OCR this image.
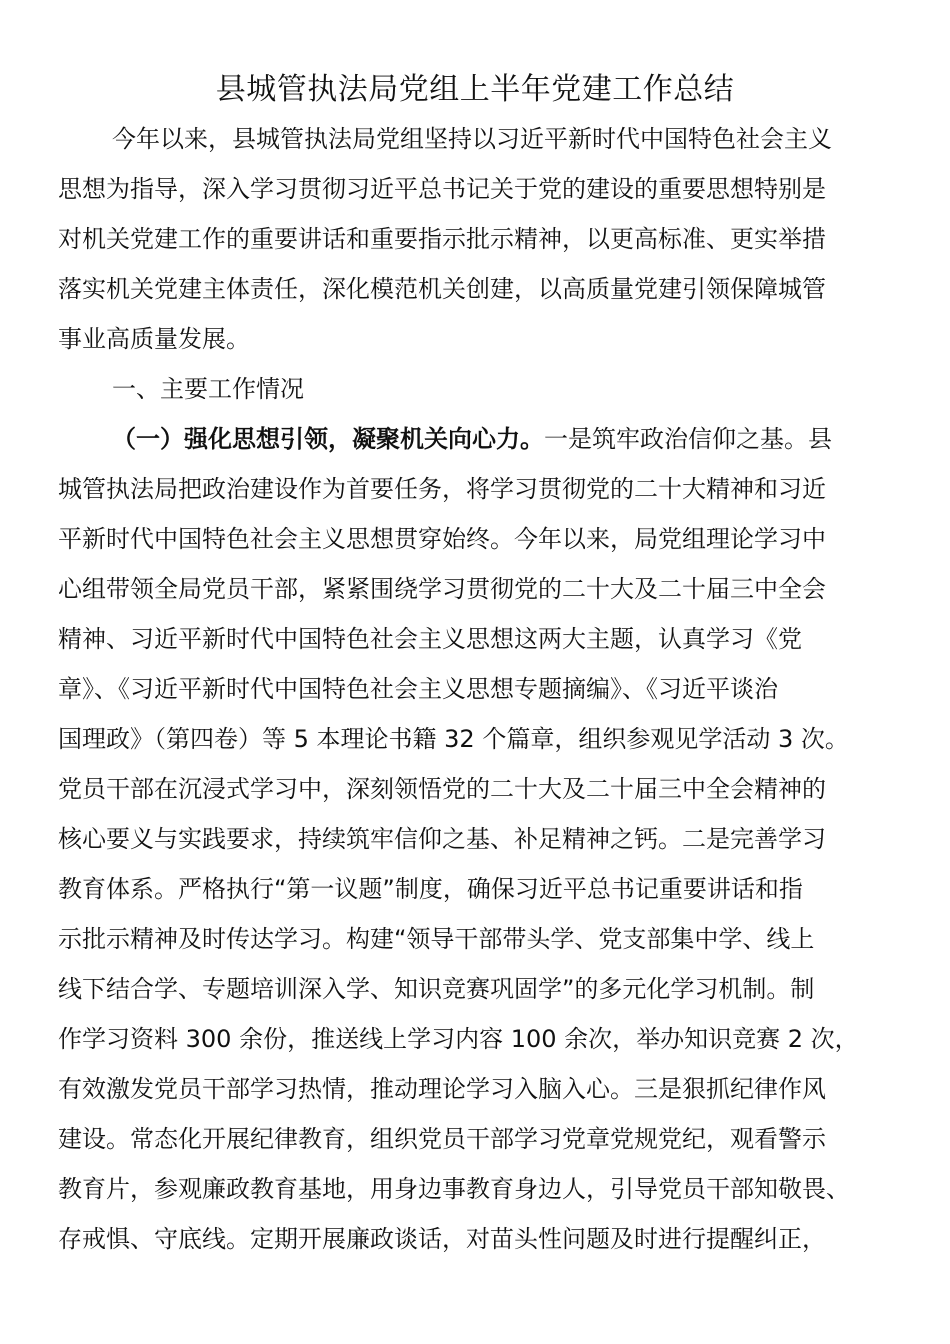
县城管执法局党组上半年党建工作总结
今年以来，县城管执法局党组坚持以习近平新时代中国特色社会主义
思想为指导，深入学习贯彻习近平总书记关于党的建设的重要思想特别是
对机关党建工作的重要讲话和重要指示批示精神，以更高标准、更实举措
落实机关党建主体责任，深化模范机关创建，以高质量党建引领保障城管
事业高质量发展。
一、主要工作情况
（一）强化思想引领，凝聚机关向心力。一是筑牢政治信仰之基。县
城管执法局把政治建设作为首要任务，将学习贯彻党的二十大精神和习近
平新时代中国特色社会主义思想贯穿始终。今年以来，局党组理论学习中
心组带领全局党员干部，紧紧围绕学习贯彻党的二十大及二十届三中全会
精神、习近平新时代中国特色社会主义思想这两大主题，认真学习《党
章》、《习近平新时代中国特色社会主义思想专题摘编》、《习近平谈治
国理政》（第四卷）等 5 本理论书籍 32 个篇章，组织参观见学活动 3 次。
党员干部在沉浸式学习中，深刻领悟党的二十大及二十届三中全会精神的
核心要义与实践要求，持续筑牢信仰之基、补足精神之钙。二是完善学习
教育体系。严格执行“第一议题”制度，确保习近平总书记重要讲话和指
示批示精神及时传达学习。构建“领导干部带头学、党支部集中学、线上
线下结合学、专题培训深入学、知识竞赛巩固学”的多元化学习机制。制
作学习资料 300 余份，推送线上学习内容 100 余次，举办知识竞赛 2 次，
有效激发党员干部学习热情，推动理论学习入脑入心。三是狠抓纪律作风
建设。常态化开展纪律教育，组织党员干部学习党章党规党纪，观看警示
教育片，参观廉政教育基地，用身边事教育身边人，引导党员干部知敬畏、
存戒惧、守底线。定期开展廉政谈话，对苗头性问题及时进行提醒纠正，
